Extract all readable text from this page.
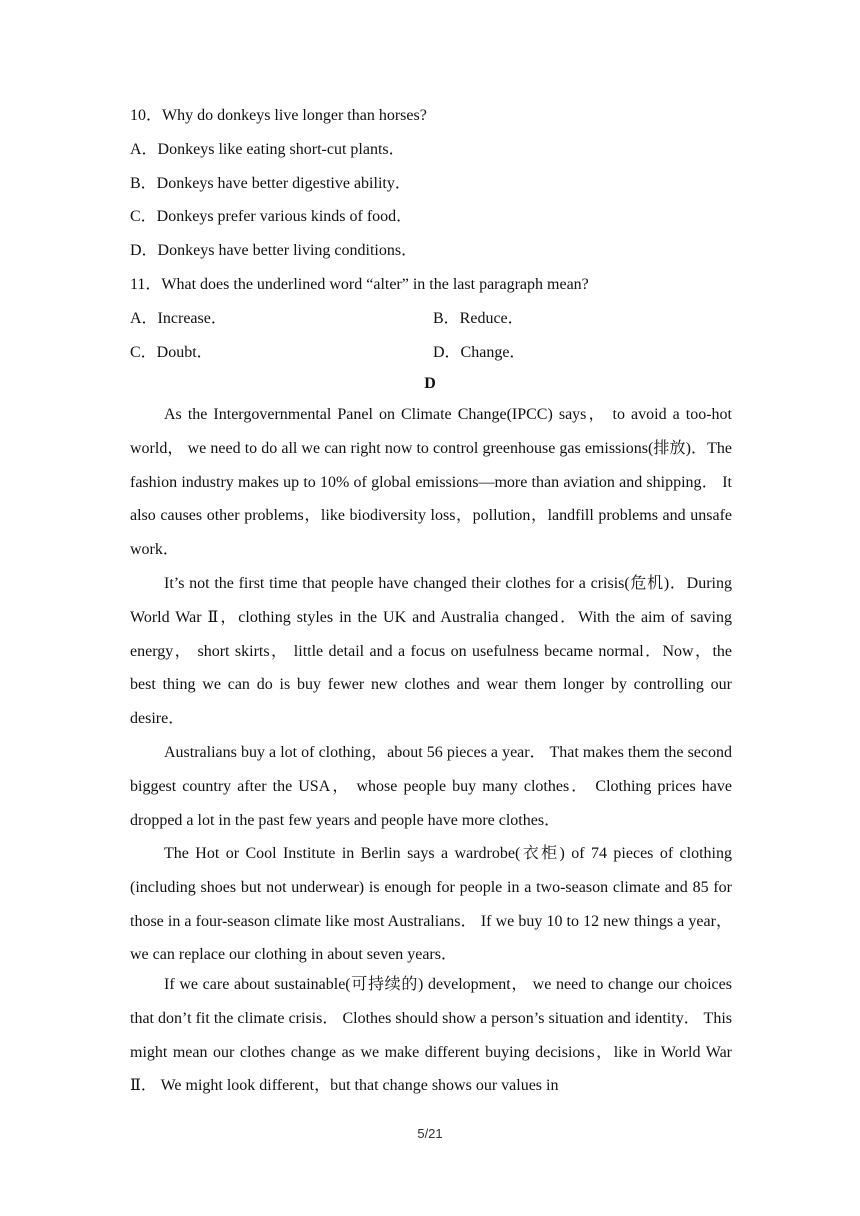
10．Why do donkeys live longer than horses?
A．Donkeys like eating short-cut plants．
B．Donkeys have better digestive ability．
C．Donkeys prefer various kinds of food．
D．Donkeys have better living conditions．
11．What does the underlined word “alter” in the last paragraph mean?
A．Increase．	B．Reduce．
C．Doubt．	D．Change．
D

As the Intergovernmental Panel on Climate Change(IPCC) says， to avoid a too-hot world， we need to do all we can right now to control greenhouse gas emissions(排放)．The fashion industry makes up to 10% of global emissions—more than aviation and shipping． It also causes other problems，like biodiversity loss，pollution，landfill problems and unsafe work．

It’s not the first time that people have changed their clothes for a crisis(危机)．During World War Ⅱ，clothing styles in the UK and Australia changed．With the aim of saving energy， short skirts， little detail and a focus on usefulness became normal．Now，the best thing we can do is buy fewer new clothes and wear them longer by controlling our desire．

Australians buy a lot of clothing，about 56 pieces a year． That makes them the second biggest country after the USA， whose people buy many clothes． Clothing prices have dropped a lot in the past few years and people have more clothes．

The Hot or Cool Institute in Berlin says a wardrobe(衣柜) of 74 pieces of clothing (including shoes but not underwear) is enough for people in a two-season climate and 85 for those in a four-season climate like most Australians． If we buy 10 to 12 new things a year，we can replace our clothing in about seven years．

If we care about sustainable(可持续的) development， we need to change our choices that don’t fit the climate crisis． Clothes should show a person’s situation and identity． This might mean our clothes change as we make different buying decisions，like in World War Ⅱ． We might look different，but that change shows our values in

5/21
